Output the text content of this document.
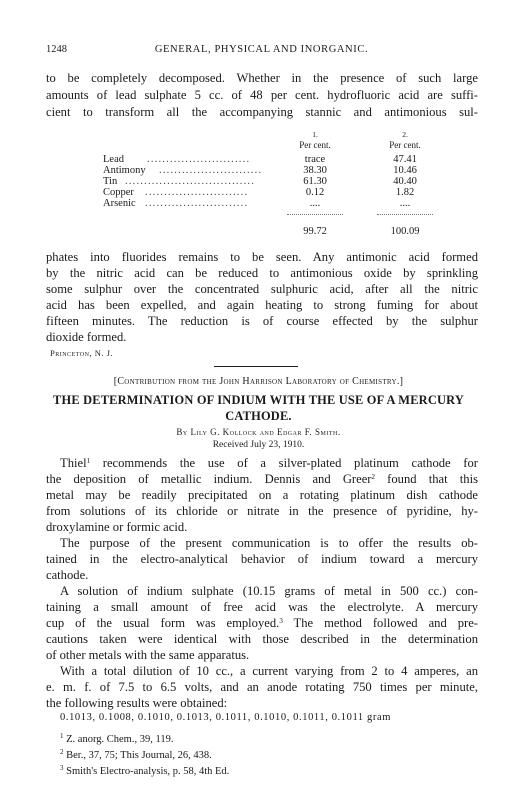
1248	GENERAL, PHYSICAL AND INORGANIC.

to be completely decomposed. Whether in the presence of such large

amounts of lead sulphate 5 cc. of 48 per cent. hydrofluoric acid are suffi-

cient to transform all the accompanying stannic and antimonious sul-

1.
Per cent.
2.
Per cent.
Lead ...........................	trace	47.41
Antimony ...........................	38.30	10.46
Tin ..................................	61.30	40.40
Copper ...........................	0.12	1.82
Arsenic ...........................	....	....
99.72	100.09

phates into fluorides remains to be seen. Any antimonic acid formed

by the nitric acid can be reduced to antimonious oxide by sprinkling

some sulphur over the concentrated sulphuric acid, after all the nitric

acid has been expelled, and again heating to strong fuming for about

fifteen minutes. The reduction is of course effected by the sulphur

dioxide formed.

Princeton, N. J.
[Contribution from the John Harrison Laboratory of Chemistry.]
THE DETERMINATION OF INDIUM WITH THE USE OF A MERCURY
CATHODE.
By Lily G. Kollock and Edgar F. Smith.
Received July 23, 1910.

Thiel$^1$ recommends the use of a silver-plated platinum cathode for

the deposition of metallic indium. Dennis and Greer$^2$ found that this

metal may be readily precipitated on a rotating platinum dish cathode

from solutions of its chloride or nitrate in the presence of pyridine, hy-

droxylamine or formic acid.

The purpose of the present communication is to offer the results ob-

tained in the electro-analytical behavior of indium toward a mercury

cathode.

A solution of indium sulphate (10.15 grams of metal in 500 cc.) con-

taining a small amount of free acid was the electrolyte. A mercury

cup of the usual form was employed.$^3$ The method followed and pre-

cautions taken were identical with those described in the determination

of other metals with the same apparatus.

With a total dilution of 10 cc., a current varying from 2 to 4 amperes, an

e. m. f. of 7.5 to 6.5 volts, and an anode rotating 750 times per minute,

the following results were obtained:

0.1013, 0.1008, 0.1010, 0.1013, 0.1011, 0.1010, 0.1011, 0.1011 gram
$^1$ Z. anorg. Chem., 39, 119.
$^2$ Ber., 37, 75; This Journal, 26, 438.
$^3$ Smith's Electro-analysis, p. 58, 4th Ed.
